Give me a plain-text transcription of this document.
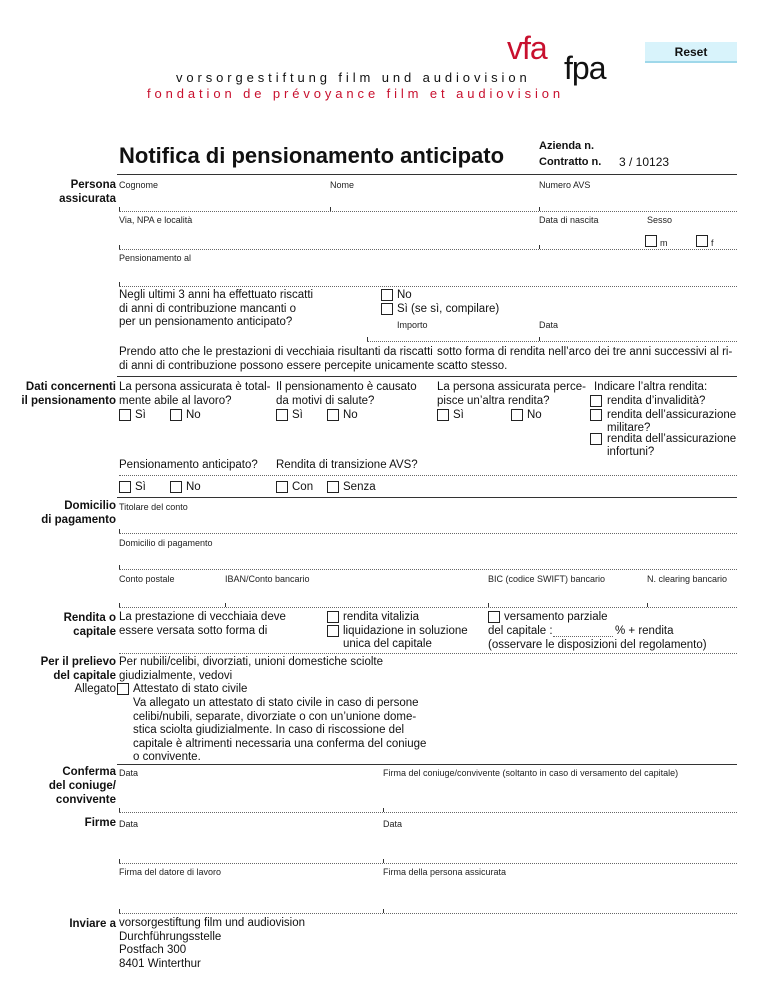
Reset
vfa
fpa
vorsorgestiftung film und audiovision
fondation de prévoyance film et audiovision
Notifica di pensionamento anticipato	Azienda n.
Contratto n. 3 / 10123
Persona
assicurata
Cognome	Nome	Numero AVS
Via, NPA e località	Data di nascita	Sesso
m	f
Pensionamento al
Negli ultimi 3 anni ha effettuato riscatti
di anni di contribuzione mancanti o
per un pensionamento anticipato?
No
Sì (se sì, compilare)
Importo	Data
Prendo atto che le prestazioni di vecchiaia risultanti da riscatti
di anni di contribuzione possono essere percepite unicamente
sotto forma di rendita nell’arco dei tre anni successivi al ri-
scatto stesso.
Dati concernenti
il pensionamento
La persona assicurata è total-
mente abile al lavoro?
Sì	No
Il pensionamento è causato
da motivi di salute?
Sì	No
La persona assicurata perce-
pisce un’altra rendita?
Sì	No
Indicare l’altra rendita:
rendita d’invalidità?
rendita dell’assicurazione
militare?
rendita dell’assicurazione
infortuni?
Pensionamento anticipato? Rendita di transizione AVS?
Sì	No	Con	Senza
Domicilio
di pagamento
Titolare del conto
Domicilio di pagamento
Conto postale	IBAN/Conto bancario	BIC (codice SWIFT) bancario	N. clearing bancario
Rendita o
capitale
La prestazione di vecchiaia deve
essere versata sotto forma di
rendita vitalizia
liquidazione in soluzione
unica del capitale
versamento parziale
del capitale :	% + rendita
(osservare le disposizioni del regolamento)
Per il prelievo
del capitale
Per nubili/celibi, divorziati, unioni domestiche sciolte
giudizialmente, vedovi
Allegato Attestato di stato civile
Va allegato un attestato di stato civile in caso di persone
celibi/nubili, separate, divorziate o con un’unione dome-
stica sciolta giudizialmente. In caso di riscossione del
capitale è altrimenti necessaria una conferma del coniuge
o convivente.
Conferma
del coniuge/
convivente
Data	Firma del coniuge/convivente (soltanto in caso di versamento del capitale)
Firme Data	Data
Firma del datore di lavoro	Firma della persona assicurata
Inviare a vorsorgestiftung film und audiovision
Durchführungsstelle
Postfach 300
8401 Winterthur
